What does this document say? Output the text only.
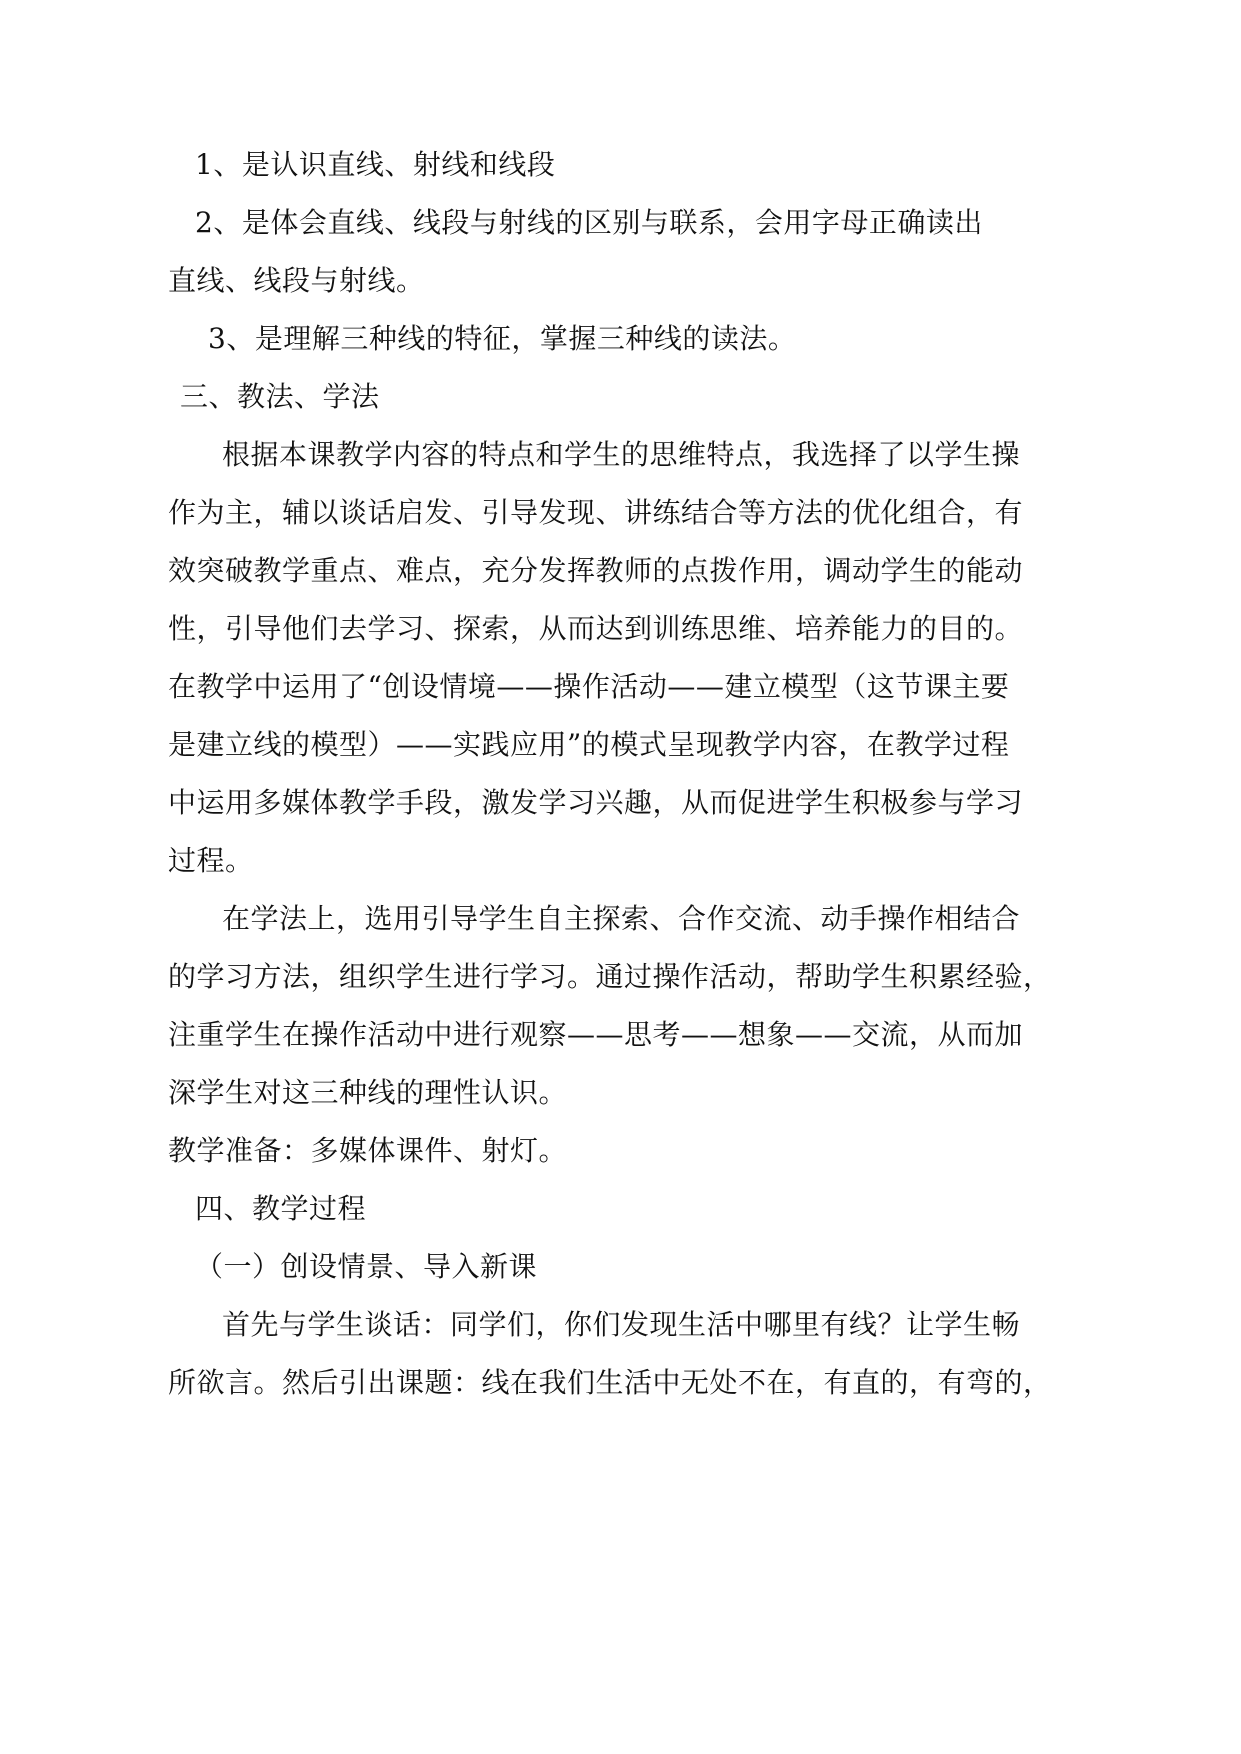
1、是认识直线、射线和线段
2、是体会直线、线段与射线的区别与联系，会用字母正确读出
直线、线段与射线。
3、是理解三种线的特征，掌握三种线的读法。
三、教法、学法
根据本课教学内容的特点和学生的思维特点，我选择了以学生操
作为主，辅以谈话启发、引导发现、讲练结合等方法的优化组合，有
效突破教学重点、难点，充分发挥教师的点拨作用，调动学生的能动
性，引导他们去学习、探索，从而达到训练思维、培养能力的目的。
在教学中运用了“创设情境——操作活动——建立模型（这节课主要
是建立线的模型）——实践应用”的模式呈现教学内容，在教学过程
中运用多媒体教学手段，激发学习兴趣，从而促进学生积极参与学习
过程。
在学法上，选用引导学生自主探索、合作交流、动手操作相结合
的学习方法，组织学生进行学习。通过操作活动，帮助学生积累经验，
注重学生在操作活动中进行观察——思考——想象——交流，从而加
深学生对这三种线的理性认识。
教学准备：多媒体课件、射灯。
四、教学过程
（一）创设情景、导入新课
首先与学生谈话：同学们，你们发现生活中哪里有线？让学生畅
所欲言。然后引出课题：线在我们生活中无处不在，有直的，有弯的，
